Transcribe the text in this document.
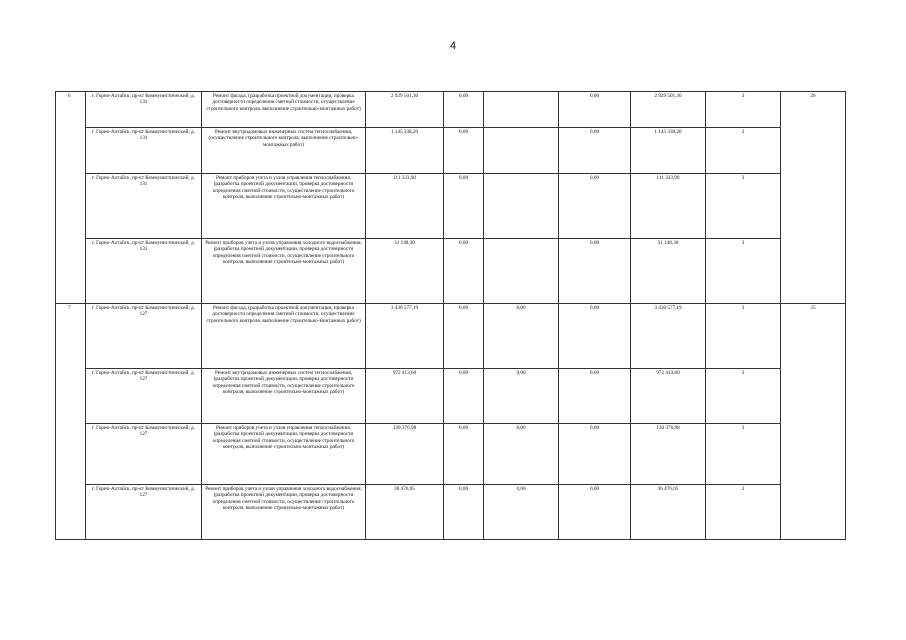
4
6	г. Горно-Алтайск, пр-кт Коммунистический, д. 131	Ремонт фасада, (разработка проектной документации, проверка достоверности определения сметной стоимости, осуществление строительного контроля, выполнение строительно-монтажных работ)	2 929 501,30	0,00		0,00	2 929 501,30	3	26
	г. Горно-Алтайск, пр-кт Коммунистический, д. 131	Ремонт внутридомовых инженерных систем теплоснабжения, (осуществление строительного контроля, выполнение строительно-монтажных работ)	1 145 338,20	0,00		0,00	1 145 338,20	2	
	г. Горно-Алтайск, пр-кт Коммунистический, д. 131	Ремонт приборов учета и узлов управления теплоснабжения, (разработка проектной документации, проверка достоверности определения сметной стоимости, осуществление строительного контроля, выполнение строительно-монтажных работ)	111 333,90	0,00		0,00	111 333,90	3	
	г. Горно-Алтайск, пр-кт Коммунистический, д. 131	Ремонт приборов учета и узлов управления холодного водоснабжения, (разработка проектной документации, проверка достоверности определения сметной стоимости, осуществление строительного контроля, выполнение строительно-монтажных работ)	31 148,30	0,00		0,00	31 148,30	3	
7	г. Горно-Алтайск, пр-кт Коммунистический, д. 127	Ремонт фасада, (разработка проектной документации, проверка достоверности определения сметной стоимости, осуществление строительного контроля, выполнение строительно-монтажных работ)	3 430 577,19	0,00	0,00	0,00	3 430 577,19	3	35
	г. Горно-Алтайск, пр-кт Коммунистический, д. 127	Ремонт внутридомовых инженерных систем теплоснабжения, (разработка проектной документации, проверка достоверности определения сметной стоимости, осуществление строительного контроля, выполнение строительно-монтажных работ)	972 413,60	0,00	0,00	0,00	972 413,60	3	
	г. Горно-Алтайск, пр-кт Коммунистический, д. 127	Ремонт приборов учета и узлов управления теплоснабжения, (разработка проектной документации, проверка достоверности определения сметной стоимости, осуществление строительного контроля, выполнение строительно-монтажных работ)	130 376,98	0,00	0,00	0,00	130 376,98	3	
	г. Горно-Алтайск, пр-кт Коммунистический, д. 127	Ремонт приборов учета и узлов управления холодного водоснабжения, (разработка проектной документации, проверка достоверности определения сметной стоимости, осуществление строительного контроля, выполнение строительно-монтажных работ)	36 476,05	0,00	0,00	0,00	36 476,05	3	
